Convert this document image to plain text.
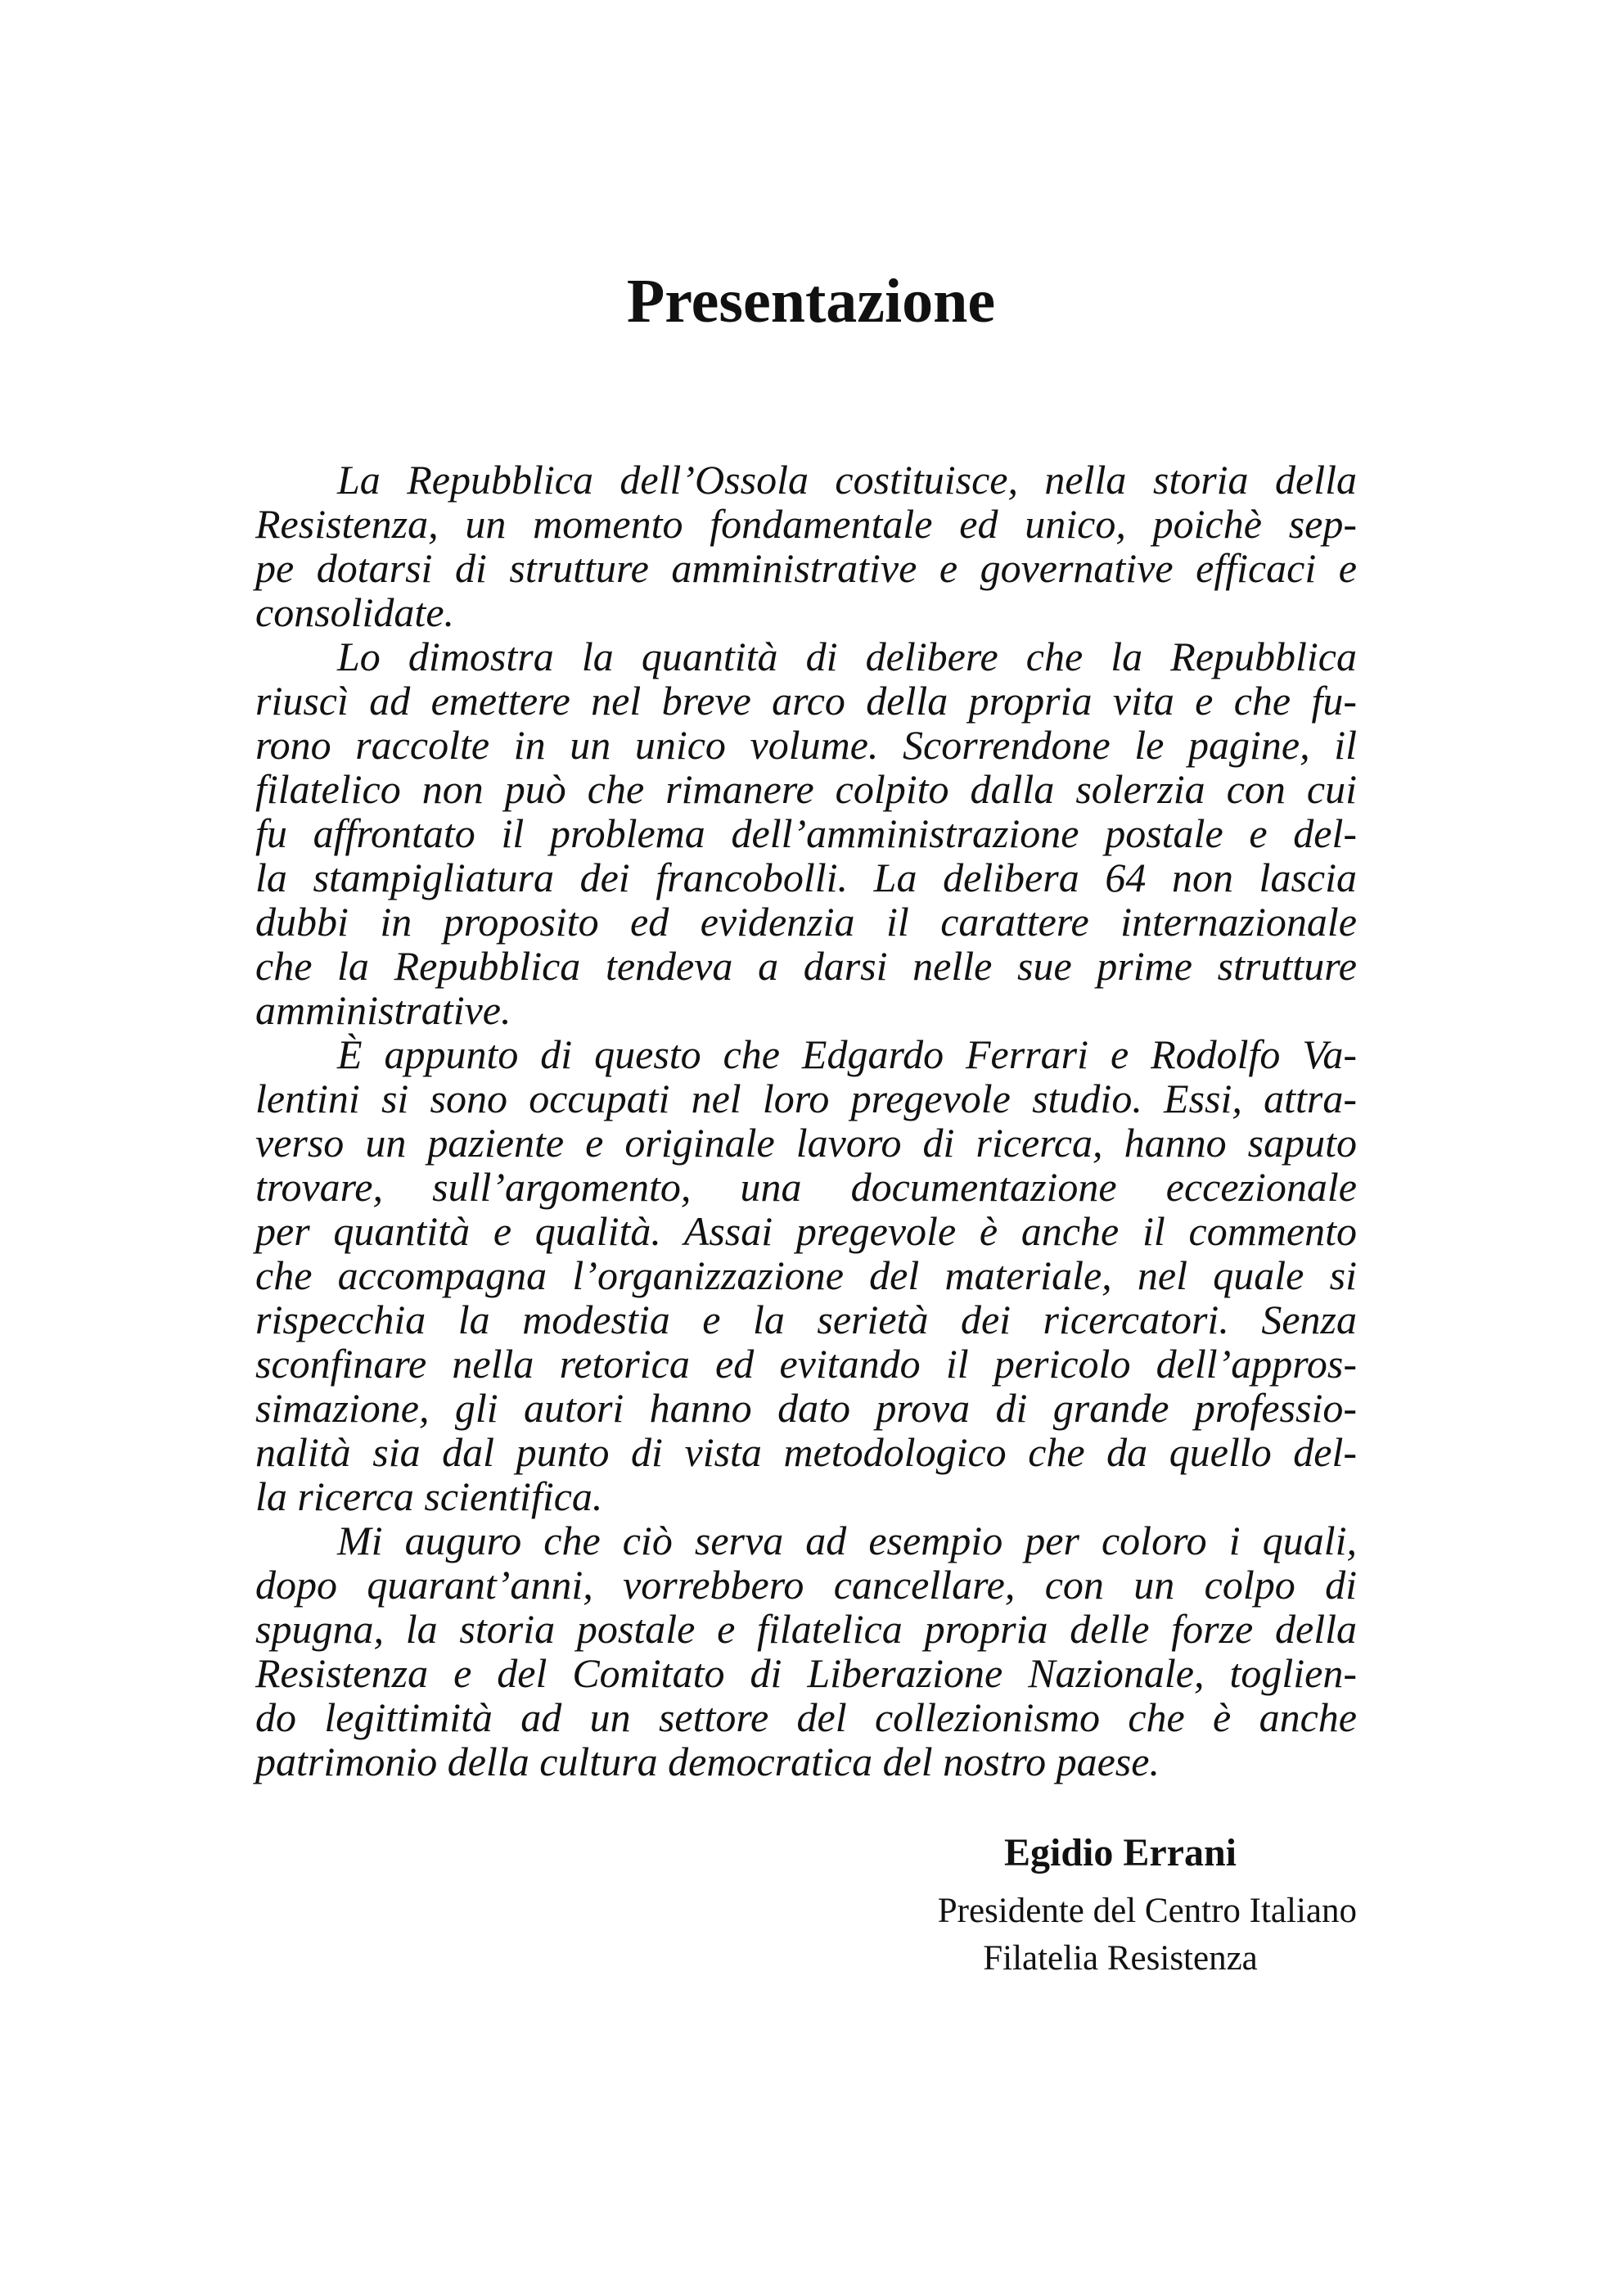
Presentazione

La Repubblica dell’Ossola costituisce, nella storia della
Resistenza, un momento fondamentale ed unico, poichè sep-
pe dotarsi di strutture amministrative e governative efficaci e
consolidate.

Lo dimostra la quantità di delibere che la Repubblica
riuscì ad emettere nel breve arco della propria vita e che fu-
rono raccolte in un unico volume. Scorrendone le pagine, il
filatelico non può che rimanere colpito dalla solerzia con cui
fu affrontato il problema dell’amministrazione postale e del-
la stampigliatura dei francobolli. La delibera 64 non lascia
dubbi in proposito ed evidenzia il carattere internazionale
che la Repubblica tendeva a darsi nelle sue prime strutture
amministrative.

È appunto di questo che Edgardo Ferrari e Rodolfo Va-
lentini si sono occupati nel loro pregevole studio. Essi, attra-
verso un paziente e originale lavoro di ricerca, hanno saputo
trovare, sull’argomento, una documentazione eccezionale
per quantità e qualità. Assai pregevole è anche il commento
che accompagna l’organizzazione del materiale, nel quale si
rispecchia la modestia e la serietà dei ricercatori. Senza
sconfinare nella retorica ed evitando il pericolo dell’appros-
simazione, gli autori hanno dato prova di grande professio-
nalità sia dal punto di vista metodologico che da quello del-
la ricerca scientifica.

Mi auguro che ciò serva ad esempio per coloro i quali,
dopo quarant’anni, vorrebbero cancellare, con un colpo di
spugna, la storia postale e filatelica propria delle forze della
Resistenza e del Comitato di Liberazione Nazionale, toglien-
do legittimità ad un settore del collezionismo che è anche
patrimonio della cultura democratica del nostro paese.

Egidio Errani

Presidente del Centro Italiano

Filatelia Resistenza
